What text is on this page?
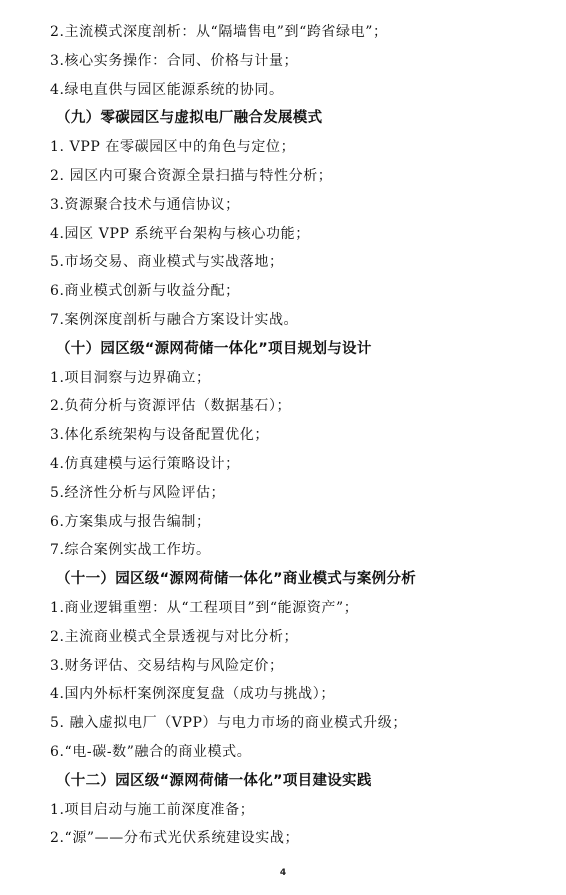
2.主流模式深度剖析：从“隔墙售电”到“跨省绿电”；
3.核心实务操作：合同、价格与计量；
4.绿电直供与园区能源系统的协同。
（九）零碳园区与虚拟电厂融合发展模式
1. VPP 在零碳园区中的角色与定位；
2. 园区内可聚合资源全景扫描与特性分析；
3.资源聚合技术与通信协议；
4.园区 VPP 系统平台架构与核心功能；
5.市场交易、商业模式与实战落地；
6.商业模式创新与收益分配；
7.案例深度剖析与融合方案设计实战。
（十）园区级“源网荷储一体化”项目规划与设计
1.项目洞察与边界确立；
2.负荷分析与资源评估（数据基石）；
3.体化系统架构与设备配置优化；
4.仿真建模与运行策略设计；
5.经济性分析与风险评估；
6.方案集成与报告编制；
7.综合案例实战工作坊。
（十一）园区级“源网荷储一体化”商业模式与案例分析
1.商业逻辑重塑：从“工程项目”到“能源资产”；
2.主流商业模式全景透视与对比分析；
3.财务评估、交易结构与风险定价；
4.国内外标杆案例深度复盘（成功与挑战）；
5. 融入虚拟电厂（VPP）与电力市场的商业模式升级；
6.“电-碳-数”融合的商业模式。
（十二）园区级“源网荷储一体化”项目建设实践
1.项目启动与施工前深度准备；
2.“源”——分布式光伏系统建设实战；
4
